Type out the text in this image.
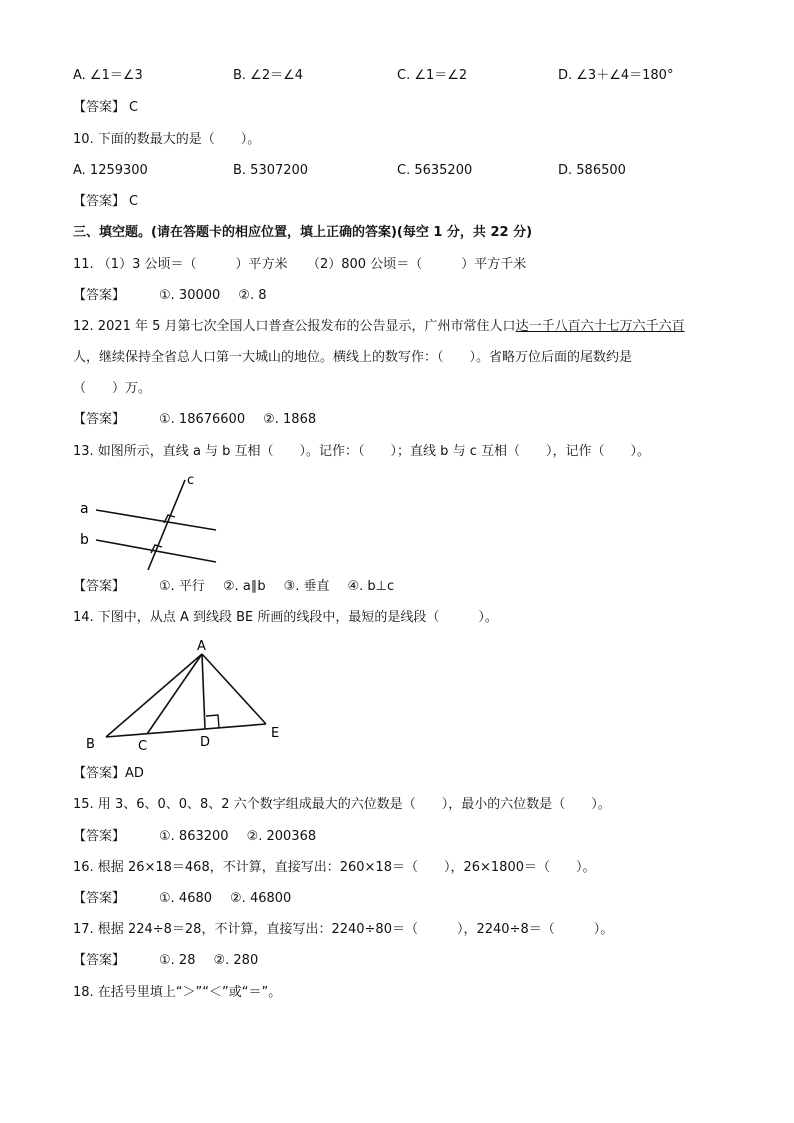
A. ∠1＝∠3	B. ∠2＝∠4	C. ∠1＝∠2	D. ∠3＋∠4＝180°
【答案】 C
10. 下面的数最大的是（　　）。
A. 1259300	B. 5307200	C. 5635200	D. 586500
【答案】 C
三、填空题。(请在答题卡的相应位置，填上正确的答案)(每空 1 分，共 22 分)
11. （1）3 公顷＝（　　　）平方米　　（2）800 公顷＝（　　　）平方千米
【答案】	①. 30000 ②. 8
12. 2021 年 5 月第七次全国人口普查公报发布的公告显示，广州市常住人口达一千八百六十七万六千六百
人，继续保持全省总人口第一大城山的地位。横线上的数写作：（　　）。省略万位后面的尾数约是
（　　）万。
【答案】	①. 18676600 ②. 1868
13. 如图所示，直线 a 与 b 互相（　　）。记作：（　　）；直线 b 与 c 互相（　　），记作（　　）。
a
b
c
【答案】	①. 平行 ②. a∥b ③. 垂直 ④. b⊥c
14. 下图中，从点 A 到线段 BE 所画的线段中，最短的是线段（　　　）。
A
B	C	D
E
【答案】AD
15. 用 3、6、0、0、8、2 六个数字组成最大的六位数是（　　），最小的六位数是（　　）。
【答案】	①. 863200 ②. 200368
16. 根据 26×18＝468，不计算，直接写出：260×18＝（　　），26×1800＝（　　）。
【答案】	①. 4680 ②. 46800
17. 根据 224÷8＝28，不计算，直接写出：2240÷80＝（　　　），2240÷8＝（　　　）。
【答案】	①. 28 ②. 280
18. 在括号里填上“＞”“＜”或“＝”。
